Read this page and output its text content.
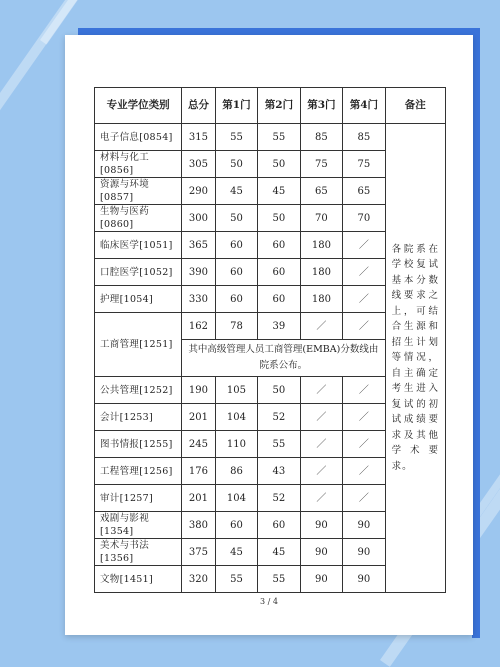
专业学位类别	总分	第1门	第2门	第3门	第4门	备注
电子信息[0854]	315	55	55	85	85	各院系在学校复试基本分数线要求之上，可结合生源和招生计划等情况，自主确定考生进入复试的初试成绩要求及其他学术要求。
材料与化工[0856]	305	50	50	75	75	
资源与环境[0857]	290	45	45	65	65	
生物与医药[0860]	300	50	50	70	70	
临床医学[1051]	365	60	60	180	／	
口腔医学[1052]	390	60	60	180	／	
护理[1054]	330	60	60	180	／	
工商管理[1251]	162	78	39	／	／	
	其中高级管理人员工商管理(EMBA)分数线由院系公布。					
公共管理[1252]	190	105	50	／	／	
会计[1253]	201	104	52	／	／	
图书情报[1255]	245	110	55	／	／	
工程管理[1256]	176	86	43	／	／	
审计[1257]	201	104	52	／	／	
戏剧与影视[1354]	380	60	60	90	90	
美术与书法[1356]	375	45	45	90	90	
文物[1451]	320	55	55	90	90	
3 / 4
